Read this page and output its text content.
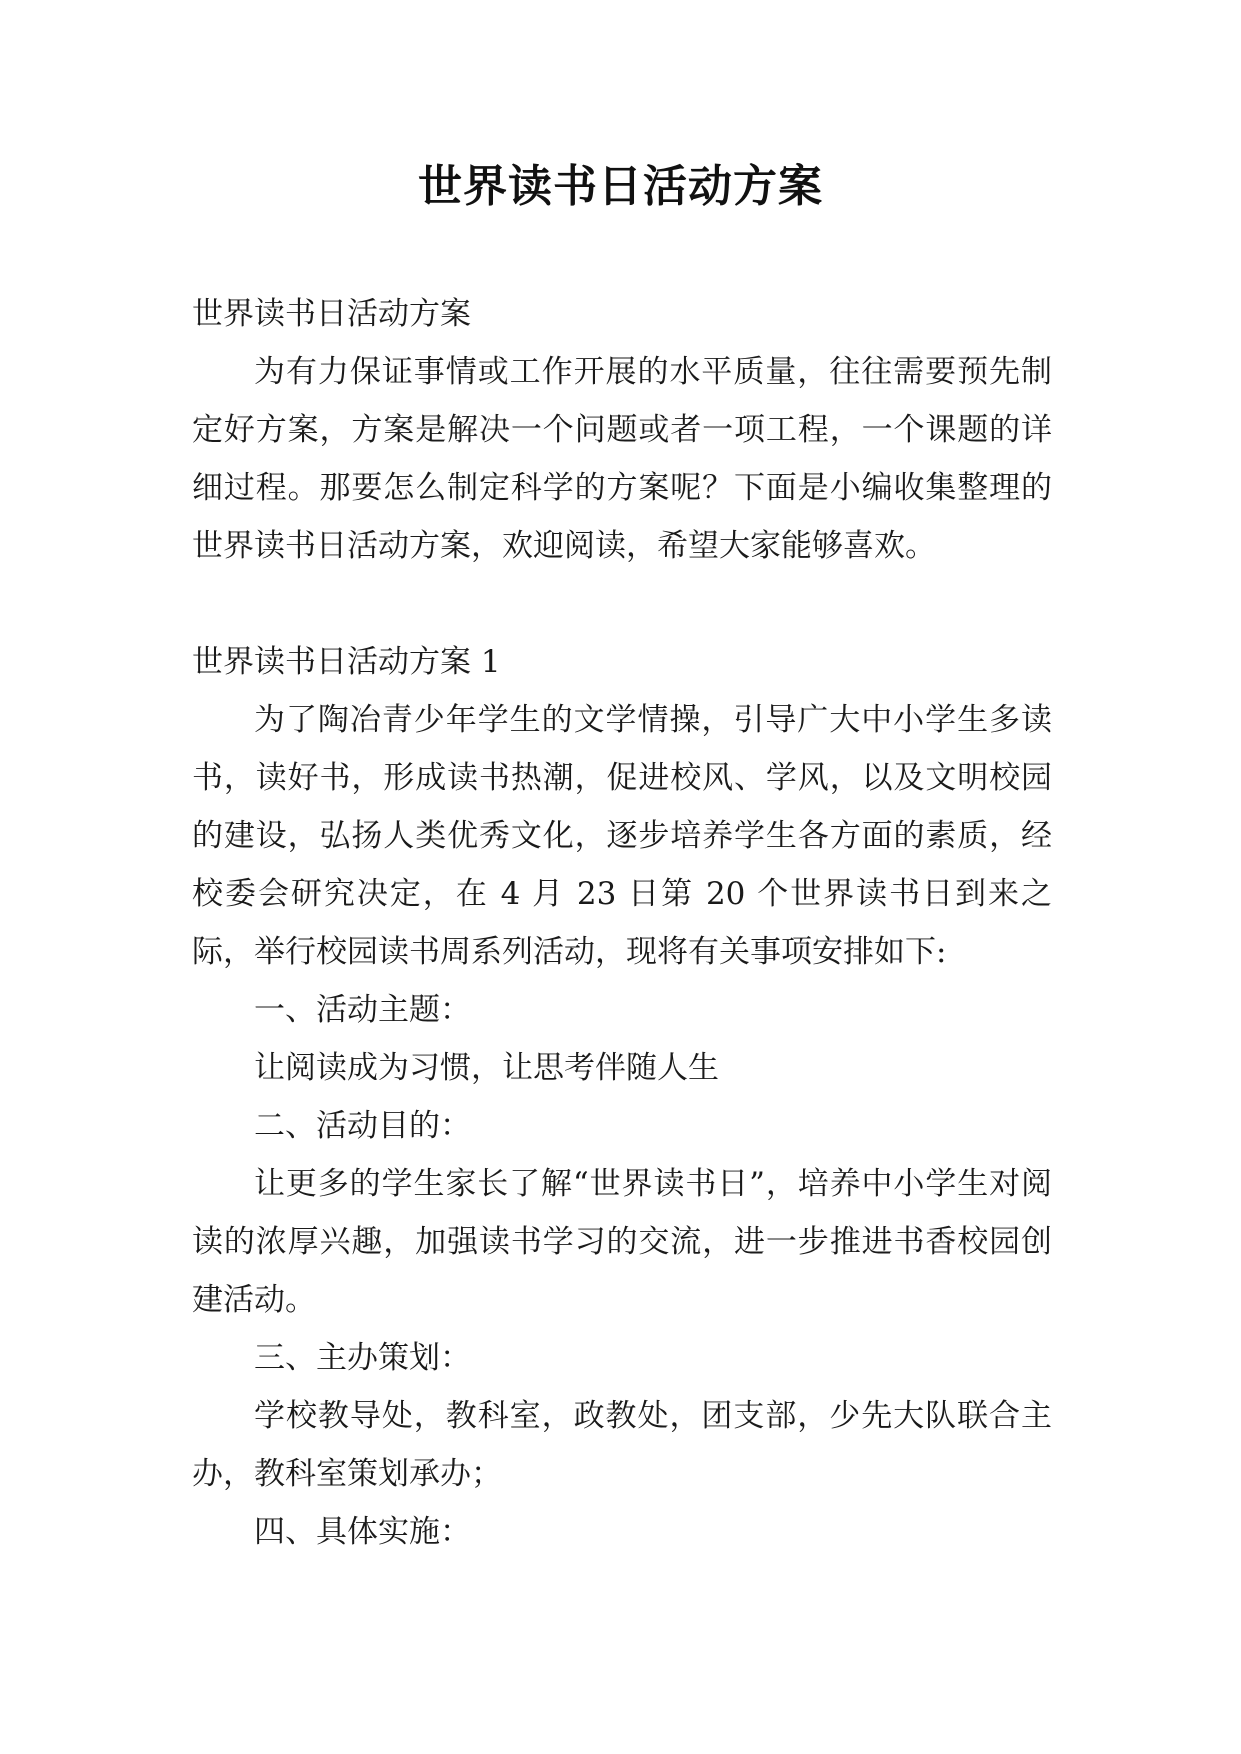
世界读书日活动方案

世界读书日活动方案

为有力保证事情或工作开展的水平质量，往往需要预先制定好方案，方案是解决一个问题或者一项工程，一个课题的详细过程。那要怎么制定科学的方案呢？下面是小编收集整理的世界读书日活动方案，欢迎阅读，希望大家能够喜欢。

世界读书日活动方案 1

为了陶冶青少年学生的文学情操，引导广大中小学生多读书，读好书，形成读书热潮，促进校风、学风，以及文明校园的建设，弘扬人类优秀文化，逐步培养学生各方面的素质，经校委会研究决定，在 4 月 23 日第 20 个世界读书日到来之际，举行校园读书周系列活动，现将有关事项安排如下:

一、活动主题：

让阅读成为习惯，让思考伴随人生

二、活动目的：

让更多的学生家长了解“世界读书日”，培养中小学生对阅读的浓厚兴趣，加强读书学习的交流，进一步推进书香校园创建活动。

三、主办策划：

学校教导处，教科室，政教处，团支部，少先大队联合主办，教科室策划承办；

四、具体实施：
